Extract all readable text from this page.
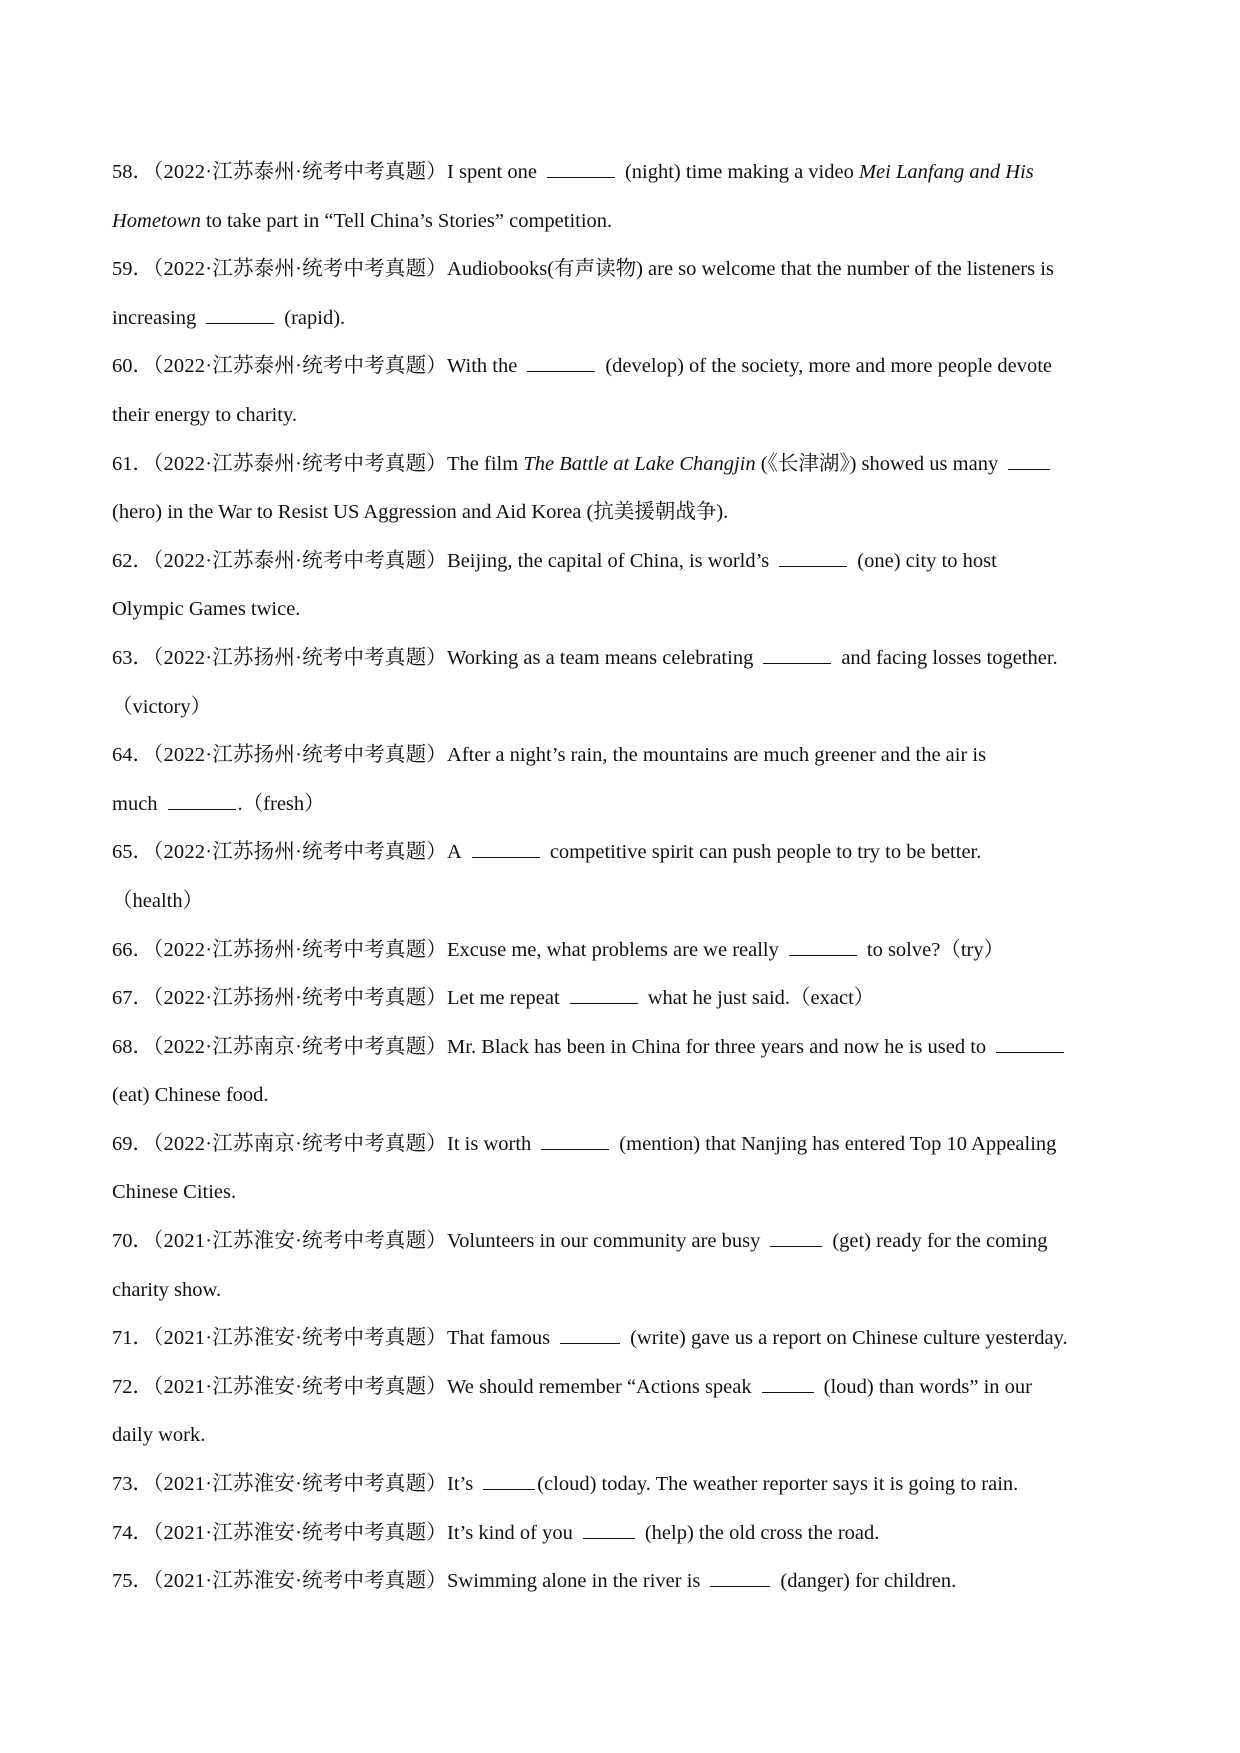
58．（2022·江苏泰州·统考中考真题）I spent one	(night) time making a video Mei Lanfang and His
Hometown to take part in “Tell China’s Stories” competition.
59．（2022·江苏泰州·统考中考真题）Audiobooks(有声读物) are so welcome that the number of the listeners is
increasing	(rapid).
60．（2022·江苏泰州·统考中考真题）With the	(develop) of the society, more and more people devote
their energy to charity.
61．（2022·江苏泰州·统考中考真题）The film The Battle at Lake Changjin (《长津湖》) showed us many
(hero) in the War to Resist US Aggression and Aid Korea (抗美援朝战争).
62．（2022·江苏泰州·统考中考真题）Beijing, the capital of China, is world’s	(one) city to host
Olympic Games twice.
63．（2022·江苏扬州·统考中考真题）Working as a team means celebrating	and facing losses together.
（victory）
64．（2022·江苏扬州·统考中考真题）After a night’s rain, the mountains are much greener and the air is
much	.（fresh）
65．（2022·江苏扬州·统考中考真题）A	competitive spirit can push people to try to be better.
（health）
66．（2022·江苏扬州·统考中考真题）Excuse me, what problems are we really	to solve?（try）
67．（2022·江苏扬州·统考中考真题）Let me repeat	what he just said.（exact）
68．（2022·江苏南京·统考中考真题）Mr. Black has been in China for three years and now he is used to
(eat) Chinese food.
69．（2022·江苏南京·统考中考真题）It is worth	(mention) that Nanjing has entered Top 10 Appealing
Chinese Cities.
70．（2021·江苏淮安·统考中考真题）Volunteers in our community are busy	(get) ready for the coming
charity show.
71．（2021·江苏淮安·统考中考真题）That famous	(write) gave us a report on Chinese culture yesterday.
72．（2021·江苏淮安·统考中考真题）We should remember “Actions speak	(loud) than words” in our
daily work.
73．（2021·江苏淮安·统考中考真题）It’s	(cloud) today. The weather reporter says it is going to rain.
74．（2021·江苏淮安·统考中考真题）It’s kind of you	(help) the old cross the road.
75．（2021·江苏淮安·统考中考真题）Swimming alone in the river is	(danger) for children.
